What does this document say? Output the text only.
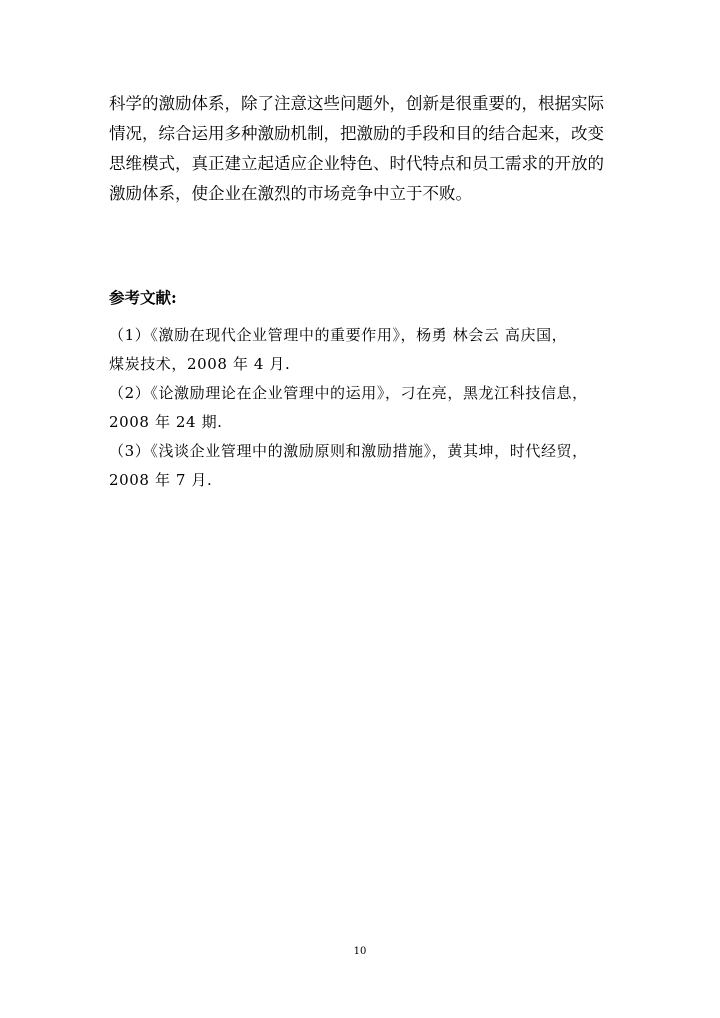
科学的激励体系，除了注意这些问题外，创新是很重要的，根据实际
情况，综合运用多种激励机制，把激励的手段和目的结合起来，改变
思维模式，真正建立起适应企业特色、时代特点和员工需求的开放的
激励体系，使企业在激烈的市场竞争中立于不败。
参考文献:
（1）《激励在现代企业管理中的重要作用》，杨勇 林会云 高庆国，
煤炭技术，2008 年 4 月.
（2）《论激励理论在企业管理中的运用》，刁在亮，黑龙江科技信息，
2008 年 24 期.
（3）《浅谈企业管理中的激励原则和激励措施》，黄其坤，时代经贸，
2008 年 7 月.
10
